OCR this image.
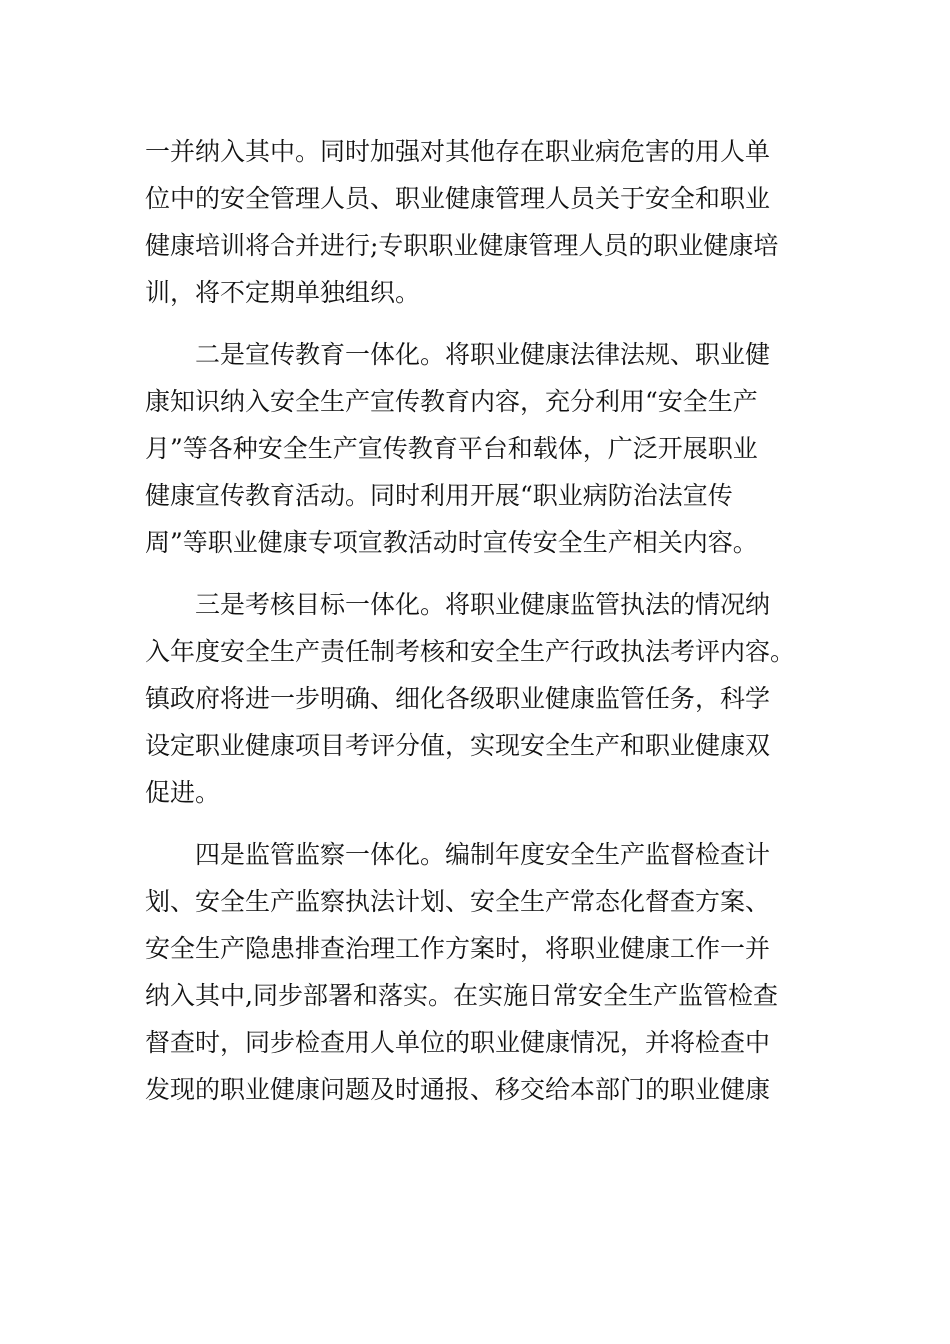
一并纳入其中。同时加强对其他存在职业病危害的用人单
位中的安全管理人员、职业健康管理人员关于安全和职业
健康培训将合并进行;专职职业健康管理人员的职业健康培
训，将不定期单独组织。
二是宣传教育一体化。将职业健康法律法规、职业健
康知识纳入安全生产宣传教育内容，充分利用“安全生产
月”等各种安全生产宣传教育平台和载体，广泛开展职业
健康宣传教育活动。同时利用开展“职业病防治法宣传
周”等职业健康专项宣教活动时宣传安全生产相关内容。
三是考核目标一体化。将职业健康监管执法的情况纳
入年度安全生产责任制考核和安全生产行政执法考评内容。
镇政府将进一步明确、细化各级职业健康监管任务，科学
设定职业健康项目考评分值，实现安全生产和职业健康双
促进。
四是监管监察一体化。编制年度安全生产监督检查计
划、安全生产监察执法计划、安全生产常态化督查方案、
安全生产隐患排查治理工作方案时，将职业健康工作一并
纳入其中,同步部署和落实。在实施日常安全生产监管检查
督查时，同步检查用人单位的职业健康情况，并将检查中
发现的职业健康问题及时通报、移交给本部门的职业健康
